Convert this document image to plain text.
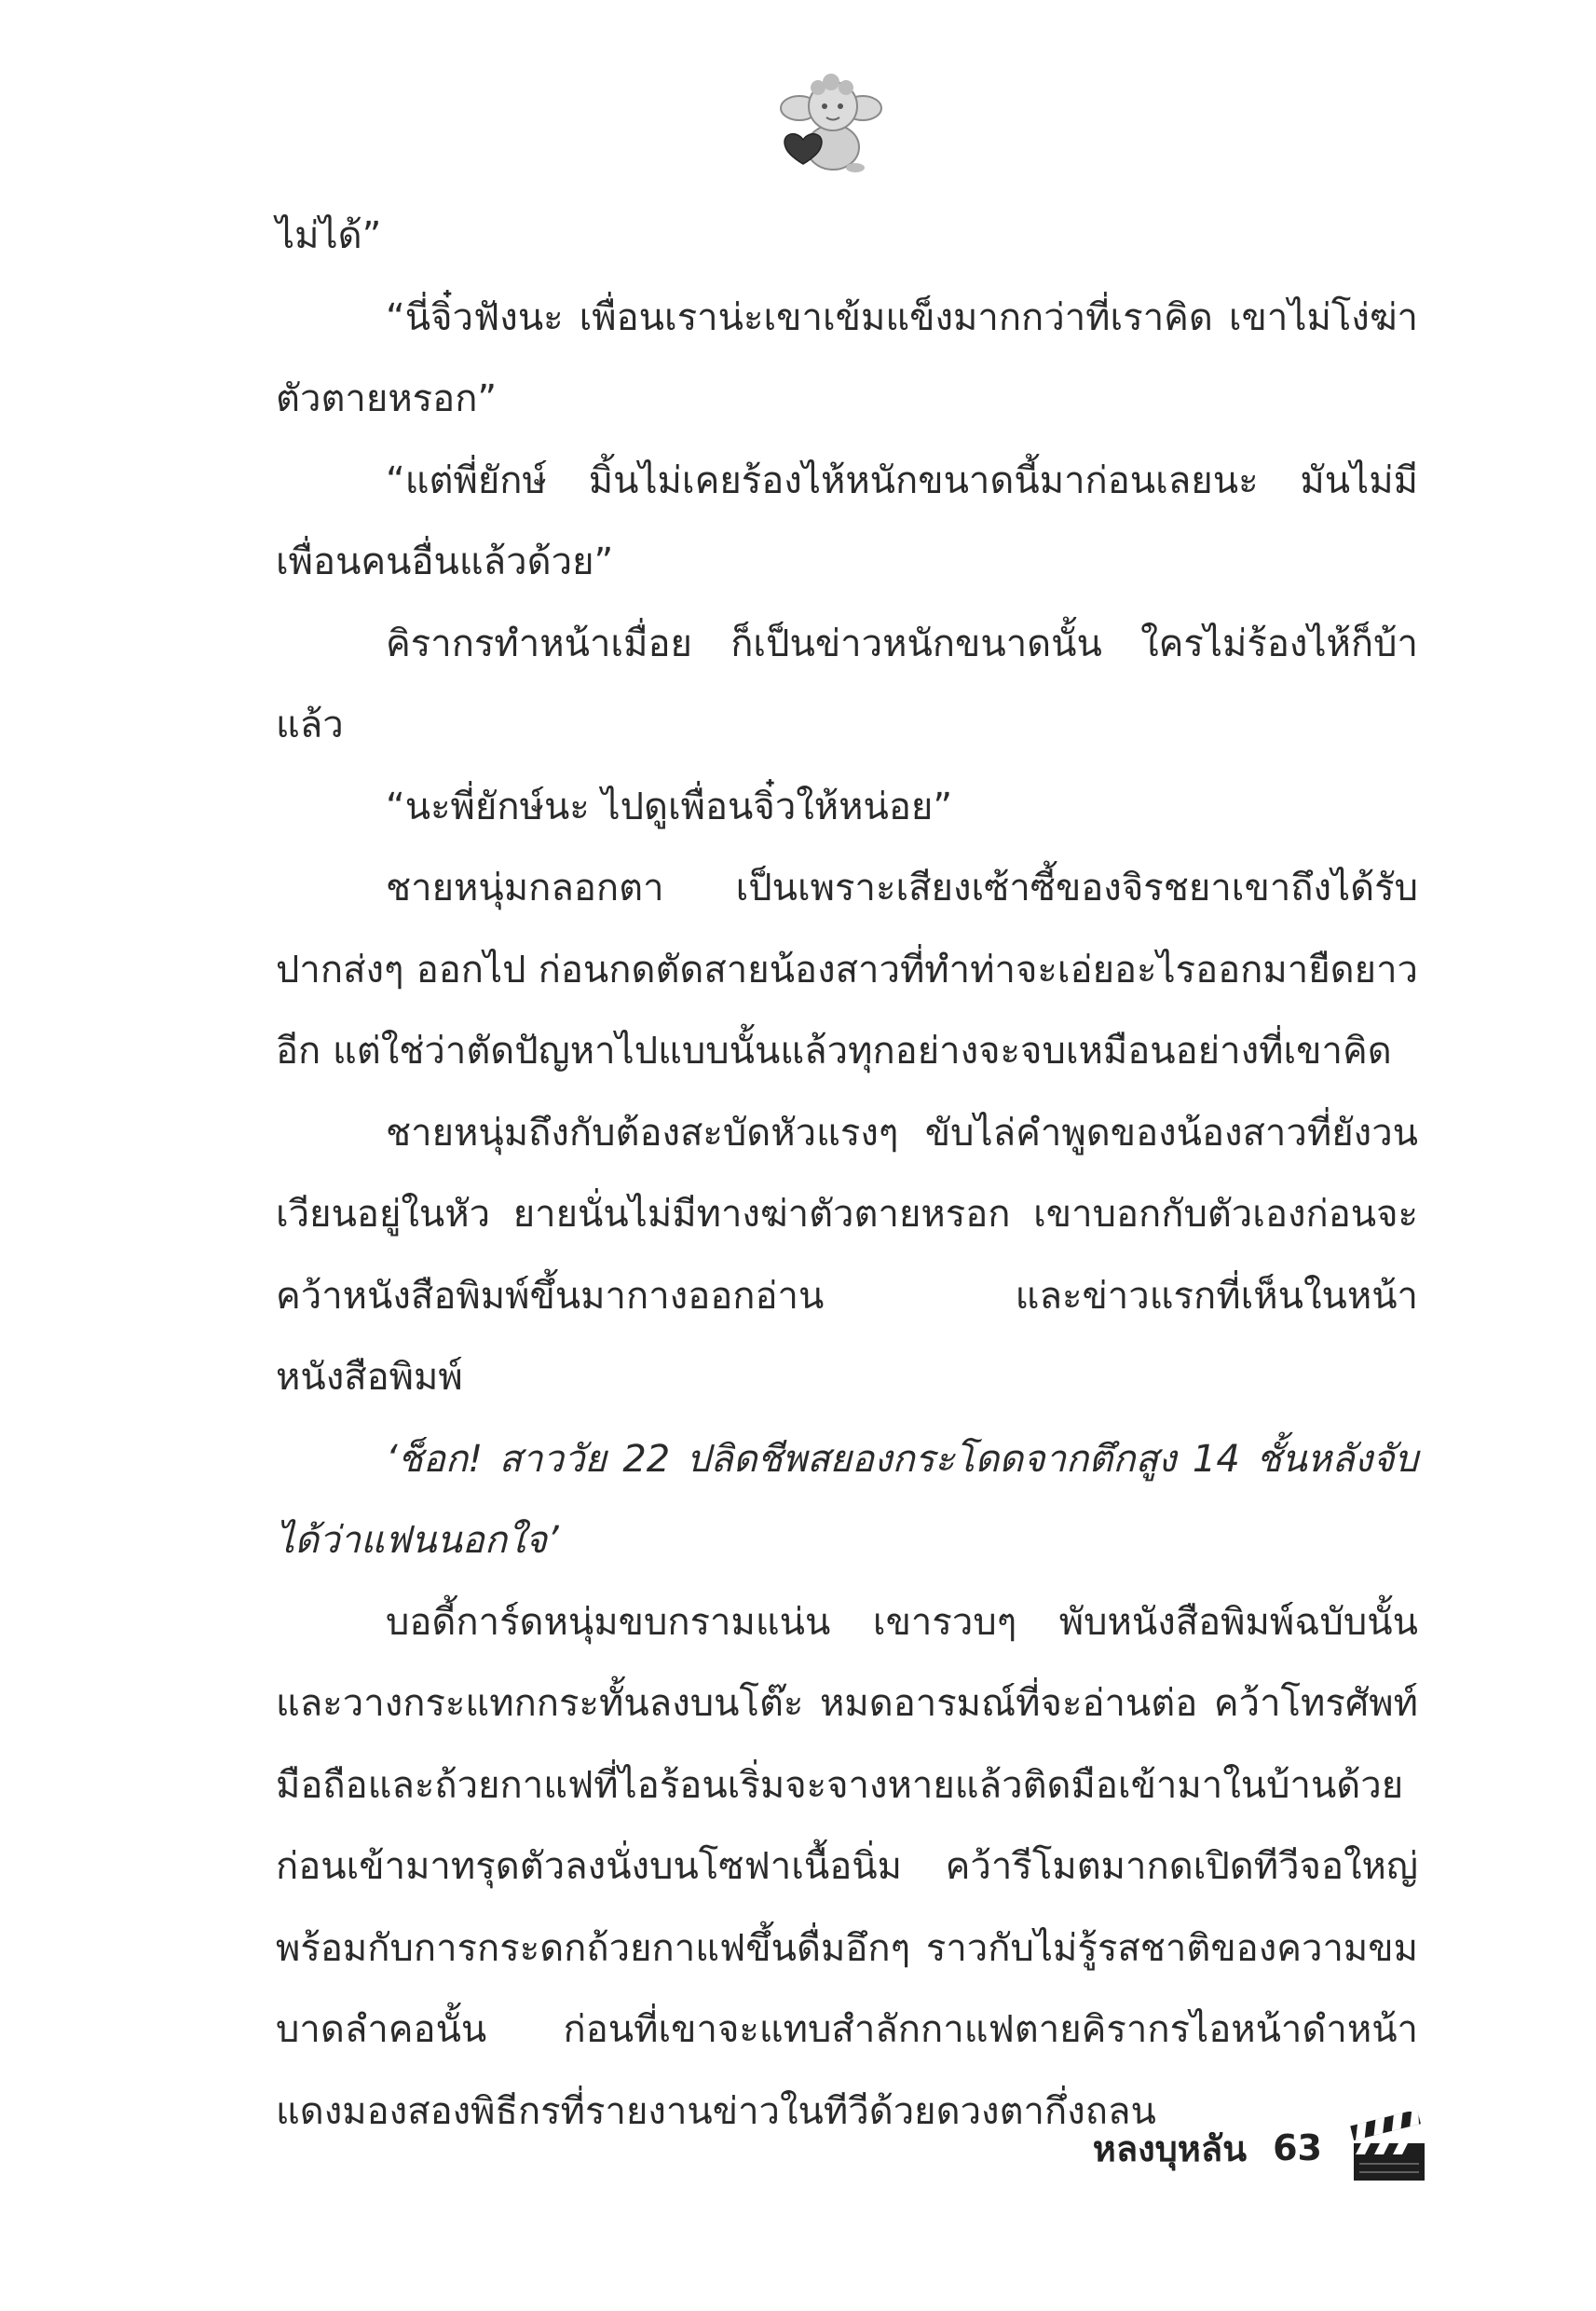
ไม่ได้”

“นี่จิ๋วฟังนะ เพื่อนเราน่ะเขาเข้มแข็งมากกว่าที่เราคิด เขาไม่โง่ฆ่าตัวตายหรอก”

“แต่พี่ยักษ์ มิ้นไม่เคยร้องไห้หนักขนาดนี้มาก่อนเลยนะ มันไม่มีเพื่อนคนอื่นแล้วด้วย”

คิรากรทำหน้าเมื่อย ก็เป็นข่าวหนักขนาดนั้น ใครไม่ร้องไห้ก็บ้าแล้ว

“นะพี่ยักษ์นะ ไปดูเพื่อนจิ๋วให้หน่อย”

ชายหนุ่มกลอกตา เป็นเพราะเสียงเซ้าซี้ของจิรชยาเขาถึงได้รับปากส่งๆ ออกไป ก่อนกดตัดสายน้องสาวที่ทำท่าจะเอ่ยอะไรออกมายืดยาวอีก แต่ใช่ว่าตัดปัญหาไปแบบนั้นแล้วทุกอย่างจะจบเหมือนอย่างที่เขาคิด

ชายหนุ่มถึงกับต้องสะบัดหัวแรงๆ ขับไล่คำพูดของน้องสาวที่ยังวนเวียนอยู่ในหัว ยายนั่นไม่มีทางฆ่าตัวตายหรอก เขาบอกกับตัวเองก่อนจะคว้าหนังสือพิมพ์ขึ้นมากางออกอ่าน และข่าวแรกที่เห็นในหน้าหนังสือพิมพ์

‘ช็อก! สาววัย 22 ปลิดชีพสยองกระโดดจากตึกสูง 14 ชั้นหลังจับได้ว่าแฟนนอกใจ’

บอดี้การ์ดหนุ่มขบกรามแน่น เขารวบๆ พับหนังสือพิมพ์ฉบับนั้นและวางกระแทกกระทั้นลงบนโต๊ะ หมดอารมณ์ที่จะอ่านต่อ คว้าโทรศัพท์มือถือและถ้วยกาแฟที่ไอร้อนเริ่มจะจางหายแล้วติดมือเข้ามาในบ้านด้วย ก่อนเข้ามาทรุดตัวลงนั่งบนโซฟาเนื้อนิ่ม คว้ารีโมตมากดเปิดทีวีจอใหญ่พร้อมกับการกระดกถ้วยกาแฟขึ้นดื่มอึกๆ ราวกับไม่รู้รสชาติของความขมบาดลำคอนั้น ก่อนที่เขาจะแทบสำลักกาแฟตายคิรากรไอหน้าดำหน้าแดงมองสองพิธีกรที่รายงานข่าวในทีวีด้วยดวงตากึ่งถลน

หลงบุหลัน 63
